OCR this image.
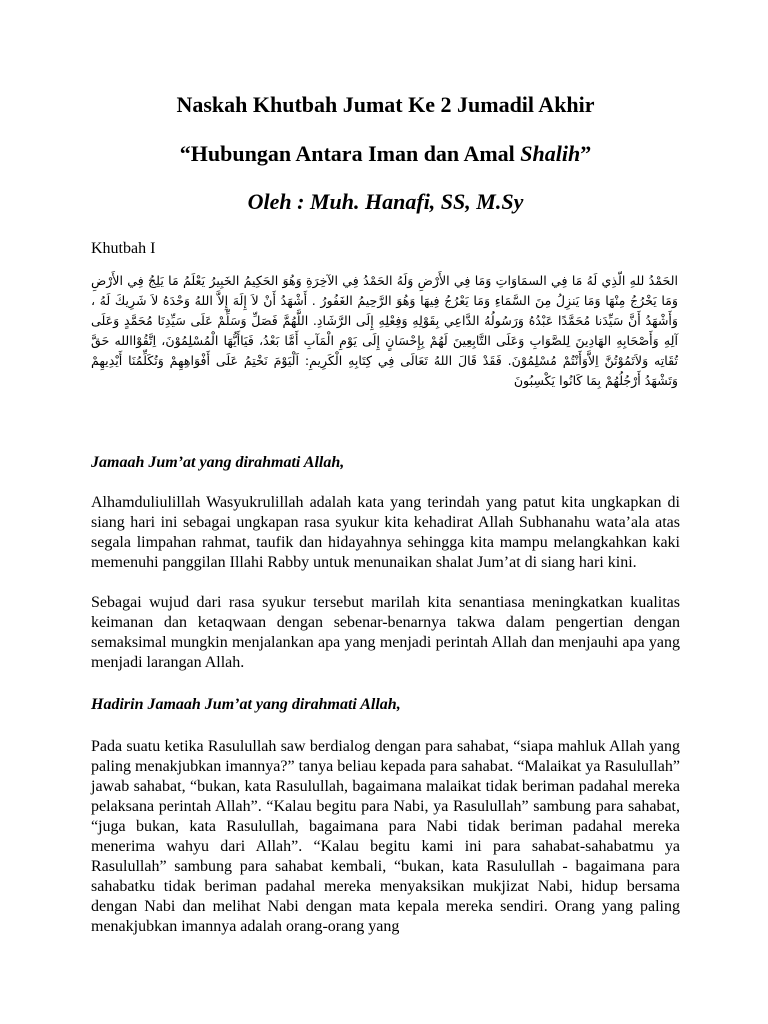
Naskah Khutbah Jumat Ke 2 Jumadil Akhir
“Hubungan Antara Iman dan Amal Shalih”
Oleh : Muh. Hanafi, SS, M.Sy
Khutbah I

الحَمْدُ للهِ الّذِي لَهُ مَا فِي السمَاوَاتِ وَمَا فِي الأَرْضِ وَلَهُ الحَمْدُ فِي الآخِرَةِ وَهُوَ الحَكِيمُ الخَبِيرُ يَعْلَمُ مَا يَلِجُ فِي الأَرْضِ وَمَا يَخْرُجُ مِنْهَا وَمَا يَنزِلُ مِنَ السَّمَاءِ وَمَا يَعْرُجُ فِيهَا وَهُوَ الرَّحِيمُ الغَفُورُ . أَشْهَدُ أَنْ لاَ إِلَهَ إِلاَّ اللهُ وَحْدَهُ لاَ شَرِيكَ لَهُ ، وَأَشْهَدُ أَنَّ سَيِّدَنا مُحَمَّدًا عَبْدُهُ وَرَسُولُهُ الدَّاعِي بِقَوْلِهِ وَفِعْلِهِ إِلَى الرَّشَادِ. اللَّهُمَّ فَصَلِّ وَسَلِّمْ عَلَى سَيِّدِنَا مُحَمَّدٍ وَعَلَى آلِهِ وَأَصْحَابِهِ الهَادِينَ لِلصَّوَابِ وَعَلَى التَّابِعِينَ لَهُمْ بِإِحْسَانٍ إِلَى يَوْمِ الْمَآبِ أَمَّا بَعْدُ، فَيَاأَيُّهَا الْمُسْلِمُوْنَ، اِتَّقُوْاالله حَقَّ تُقَاتِه وَلاَتَمُوْتُنَّ اِلاَّوَأَنْتُمْ مُسْلِمُوْنَ. فَقَدْ قَالَ اللهُ تَعَالَى فِي كِتَابِهِ الْكَرِيمِ: اَلْيَوْمَ نَخْتِمُ عَلَى أَفْوَاهِهِمْ وَتُكَلِّمُنَا أَيْدِيهِمْ وَتَشْهَدُ أَرْجُلُهُمْ بِمَا كَانُوا يَكْسِبُونَ

Jamaah Jum’at yang dirahmati Allah,

Alhamduliulillah Wasyukrulillah adalah kata yang terindah yang patut kita ungkapkan di siang hari ini sebagai ungkapan rasa syukur kita kehadirat Allah Subhanahu wata’ala atas segala limpahan rahmat, taufik dan hidayahnya sehingga kita mampu melangkahkan kaki memenuhi panggilan Illahi Rabby untuk menunaikan shalat Jum’at di siang hari kini.

Sebagai wujud dari rasa syukur tersebut marilah kita senantiasa meningkatkan kualitas keimanan dan ketaqwaan dengan sebenar-benarnya takwa dalam pengertian dengan semaksimal mungkin menjalankan apa yang menjadi perintah Allah dan menjauhi apa yang menjadi larangan Allah.

Hadirin Jamaah Jum’at yang dirahmati Allah,

Pada suatu ketika Rasulullah saw berdialog dengan para sahabat, “siapa mahluk Allah yang paling menakjubkan imannya?” tanya beliau kepada para sahabat. “Malaikat ya Rasulullah” jawab sahabat, “bukan, kata Rasulullah, bagaimana malaikat tidak beriman padahal mereka pelaksana perintah Allah”. “Kalau begitu para Nabi, ya Rasulullah” sambung para sahabat, “juga bukan, kata Rasulullah, bagaimana para Nabi tidak beriman padahal mereka menerima wahyu dari Allah”. “Kalau begitu kami ini para sahabat-sahabatmu ya Rasulullah” sambung para sahabat kembali, “bukan, kata Rasulullah - bagaimana para sahabatku tidak beriman padahal mereka menyaksikan mukjizat Nabi, hidup bersama dengan Nabi dan melihat Nabi dengan mata kepala mereka sendiri. Orang yang paling menakjubkan imannya adalah orang-orang yang
